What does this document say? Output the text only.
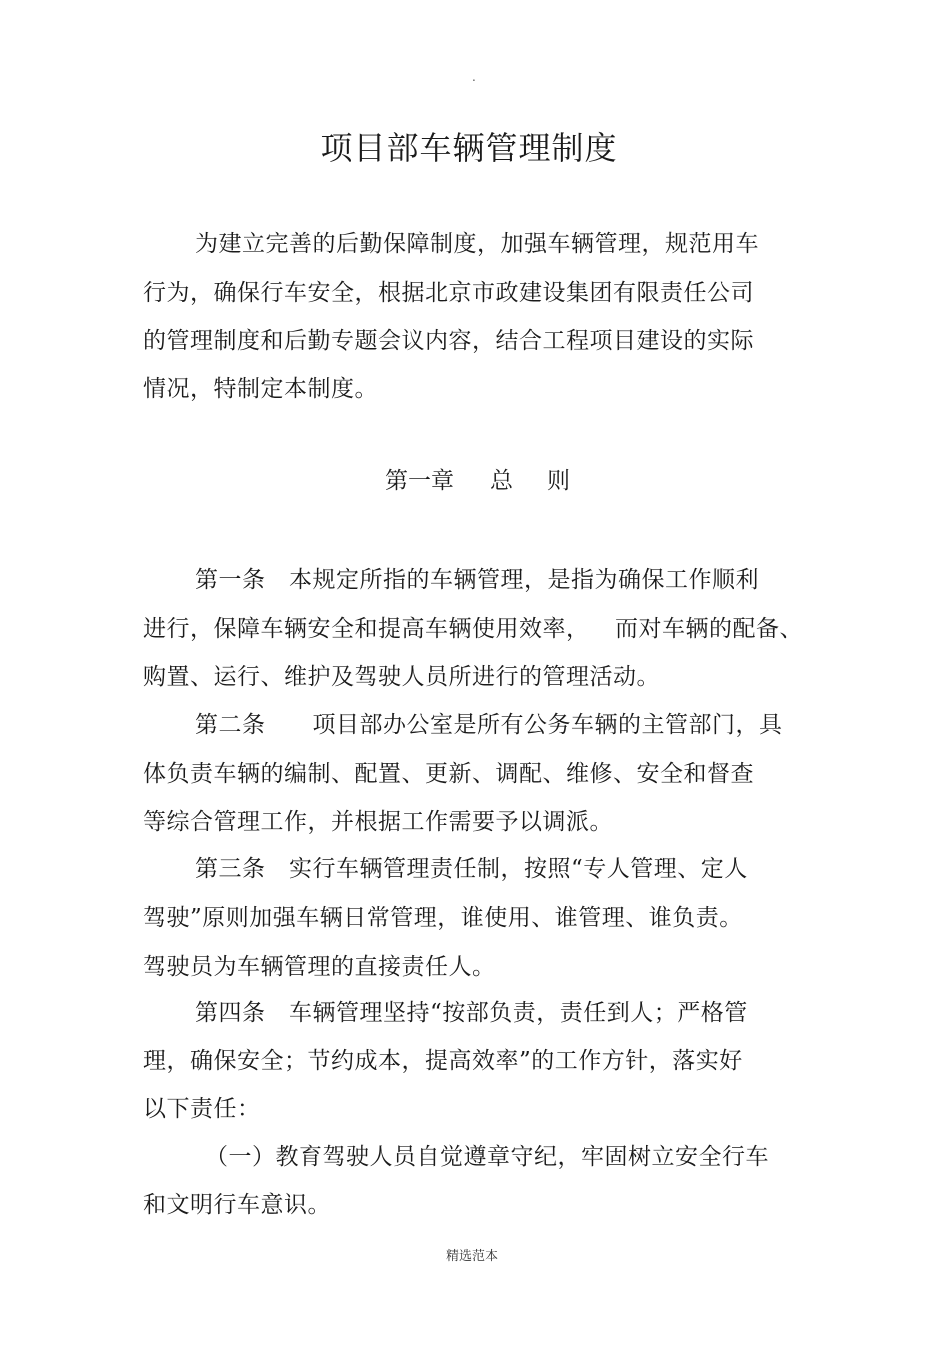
.
项目部车辆管理制度
为建立完善的后勤保障制度，加强车辆管理，规范用车
行为，确保行车安全，根据北京市政建设集团有限责任公司
的管理制度和后勤专题会议内容，结合工程项目建设的实际
情况，特制定本制度。
第一章 总 则
第一条　本规定所指的车辆管理，是指为确保工作顺利
进行，保障车辆安全和提高车辆使用效率， 而对车辆的配备、
购置、运行、维护及驾驶人员所进行的管理活动。
第二条　　项目部办公室是所有公务车辆的主管部门，具
体负责车辆的编制、配置、更新、调配、维修、安全和督查
等综合管理工作，并根据工作需要予以调派。
第三条　实行车辆管理责任制，按照“专人管理、定人
驾驶”原则加强车辆日常管理，谁使用、谁管理、谁负责。
驾驶员为车辆管理的直接责任人。
第四条　车辆管理坚持“按部负责，责任到人；严格管
理，确保安全；节约成本，提高效率”的工作方针，落实好
以下责任：
（一）教育驾驶人员自觉遵章守纪，牢固树立安全行车
和文明行车意识。
精选范本
